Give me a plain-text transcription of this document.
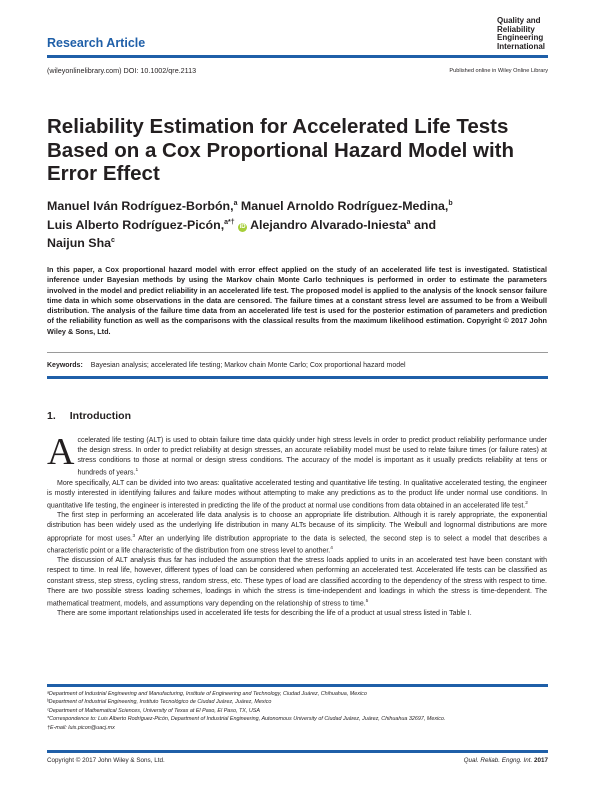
Quality and
Reliability
Engineering
International
Research Article
(wileyonlinelibrary.com) DOI: 10.1002/qre.2113	Published online in Wiley Online Library
Reliability Estimation for Accelerated Life Tests Based on a Cox Proportional Hazard Model with Error Effect
Manuel Iván Rodríguez-Borbón,$^a$ Manuel Arnoldo Rodríguez-Medina,$^b$
Luis Alberto Rodríguez-Picón,$^{a*\dagger}$ iD Alejandro Alvarado-Iniesta$^a$ and
Naijun Sha$^c$
In this paper, a Cox proportional hazard model with error effect applied on the study of an accelerated life test is investigated. Statistical inference under Bayesian methods by using the Markov chain Monte Carlo techniques is performed in order to estimate the parameters involved in the model and predict reliability in an accelerated life test. The proposed model is applied to the analysis of the knock sensor failure time data in which some observations in the data are censored. The failure times at a constant stress level are assumed to be from a Weibull distribution. The analysis of the failure time data from an accelerated life test is used for the posterior estimation of parameters and prediction of the reliability function as well as the comparisons with the classical results from the maximum likelihood estimation. Copyright © 2017 John Wiley & Sons, Ltd.
Keywords: Bayesian analysis; accelerated life testing; Markov chain Monte Carlo; Cox proportional hazard model
1. Introduction

Accelerated life testing (ALT) is used to obtain failure time data quickly under high stress levels in order to predict product reliability performance under the design stress. In order to predict reliability at design stresses, an accurate reliability model must be used to relate failure times (or failure rates) at stress conditions to those at normal or design stress conditions. The accuracy of the model is important as it usually predicts reliability at tens or hundreds of years.$^1$

More specifically, ALT can be divided into two areas: qualitative accelerated testing and quantitative life testing. In qualitative accelerated testing, the engineer is mostly interested in identifying failures and failure modes without attempting to make any predictions as to the product life under normal use conditions. In quantitative life testing, the engineer is interested in predicting the life of the product at normal use conditions from data obtained in an accelerated life test.$^2$

The first step in performing an accelerated life data analysis is to choose an appropriate life distribution. Although it is rarely appropriate, the exponential distribution has been widely used as the underlying life distribution in many ALTs because of its simplicity. The Weibull and lognormal distributions are more appropriate for most uses.$^3$ After an underlying life distribution appropriate to the data is selected, the second step is to select a model that describes a characteristic point or a life characteristic of the distribution from one stress level to another.$^4$

The discussion of ALT analysis thus far has included the assumption that the stress loads applied to units in an accelerated test have been constant with respect to time. In real life, however, different types of load can be considered when performing an accelerated test. Accelerated life tests can be classified as constant stress, step stress, cycling stress, random stress, etc. These types of load are classified according to the dependency of the stress with respect to time. There are two possible stress loading schemes, loadings in which the stress is time-independent and loadings in which the stress is time-dependent. The mathematical treatment, models, and assumptions vary depending on the relationship of stress to time.$^5$

There are some important relationships used in accelerated life tests for describing the life of a product at usual stress listed in Table I.

ᵃDepartment of Industrial Engineering and Manufacturing, Institute of Engineering and Technology, Ciudad Juárez, Chihuahua, Mexico
ᵇDepartment of Industrial Engineering, Instituto Tecnológico de Ciudad Juárez, Juárez, Mexico
ᶜDepartment of Mathematical Sciences, University of Texas at El Paso, El Paso, TX, USA
*Correspondence to: Luis Alberto Rodríguez-Picón, Department of Industrial Engineering, Autonomous University of Ciudad Juárez, Juárez, Chihuahua 32697, Mexico.
†E-mail: luis.picon@uacj.mx
Copyright © 2017 John Wiley & Sons, Ltd.	Qual. Reliab. Engng. Int. 2017
